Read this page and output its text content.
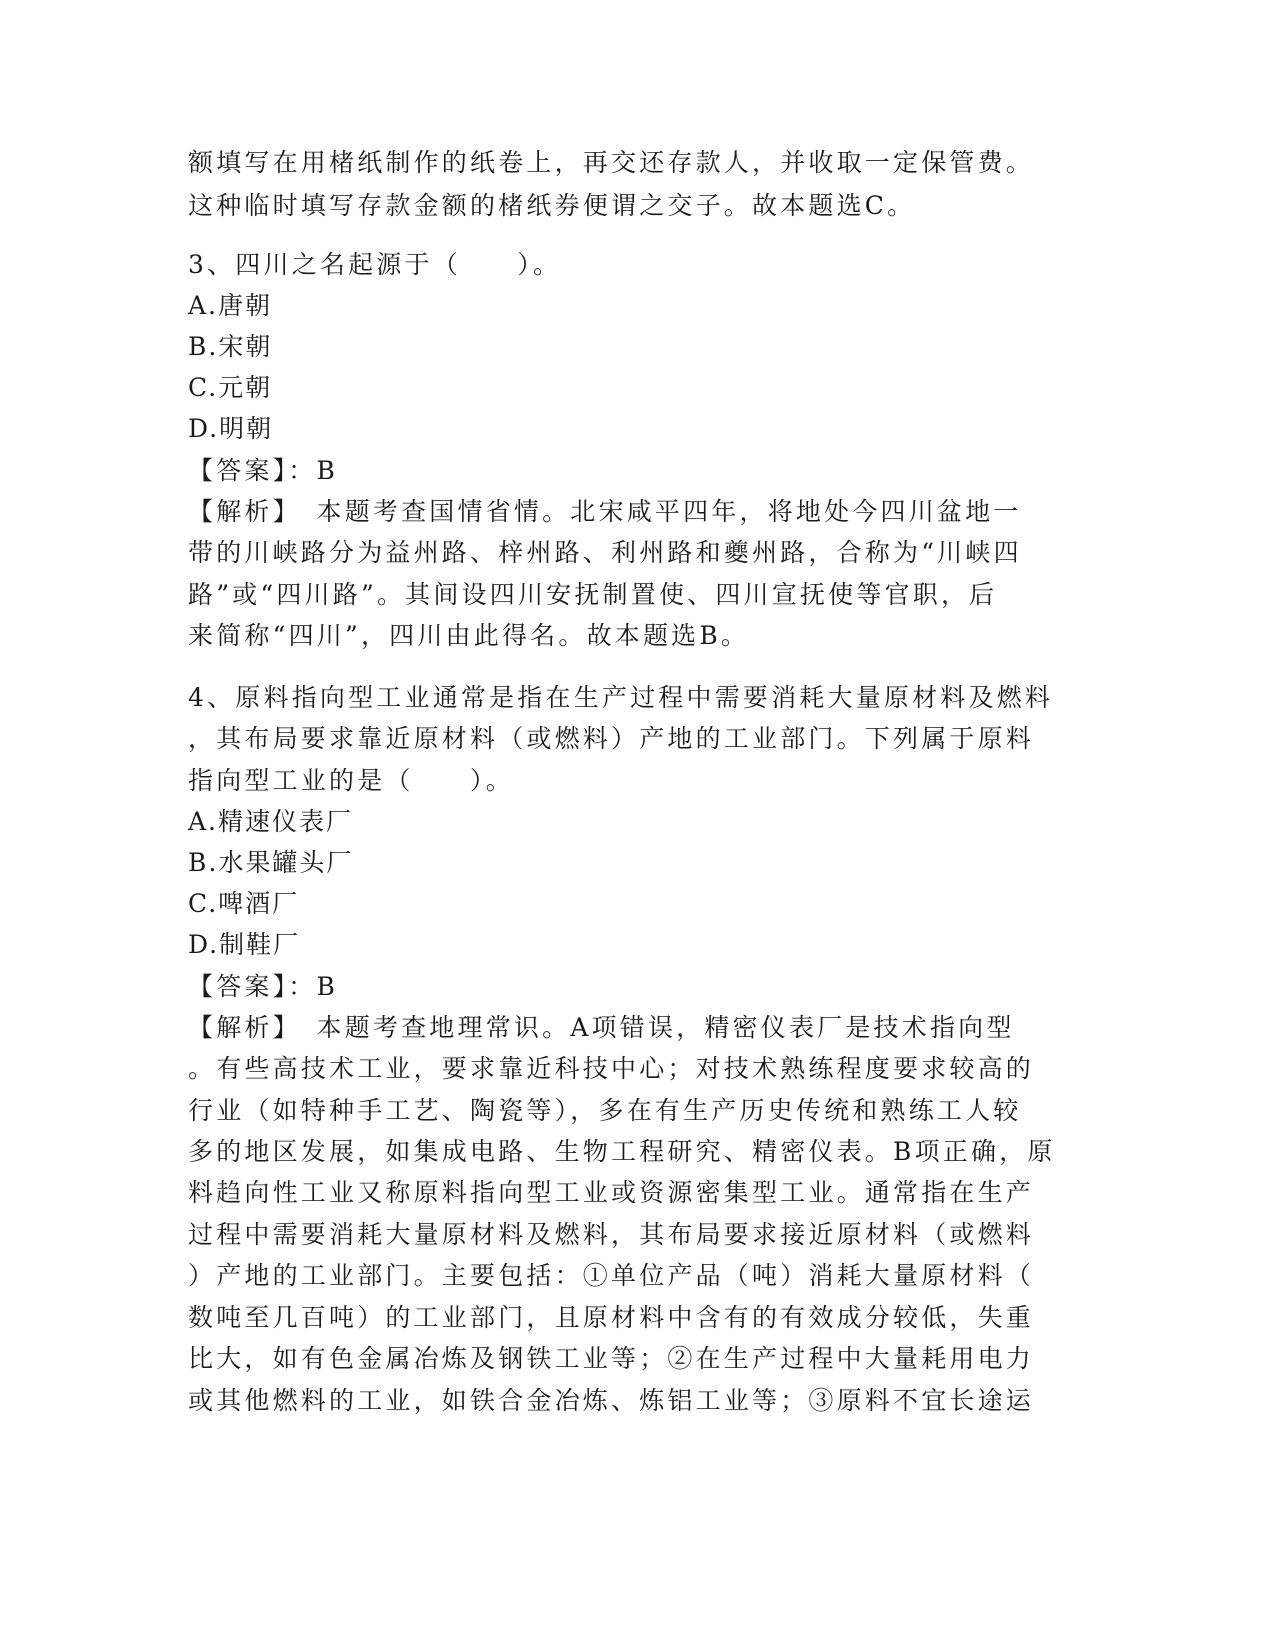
额填写在用楮纸制作的纸卷上，再交还存款人，并收取一定保管费。
这种临时填写存款金额的楮纸券便谓之交子。故本题选C。
3、四川之名起源于（　　）。
A.唐朝
B.宋朝
C.元朝
D.明朝
【答案】：B
【解析】　本题考查国情省情。北宋咸平四年，将地处今四川盆地一
带的川峡路分为益州路、梓州路、利州路和夔州路，合称为“川峡四
路”或“四川路”。其间设四川安抚制置使、四川宣抚使等官职，后
来简称“四川”，四川由此得名。故本题选B。
4、原料指向型工业通常是指在生产过程中需要消耗大量原材料及燃料
，其布局要求靠近原材料（或燃料）产地的工业部门。下列属于原料
指向型工业的是（　　）。
A.精速仪表厂
B.水果罐头厂
C.啤酒厂
D.制鞋厂
【答案】：B
【解析】　本题考查地理常识。A项错误，精密仪表厂是技术指向型
。有些高技术工业，要求靠近科技中心；对技术熟练程度要求较高的
行业（如特种手工艺、陶瓷等），多在有生产历史传统和熟练工人较
多的地区发展，如集成电路、生物工程研究、精密仪表。B项正确，原
料趋向性工业又称原料指向型工业或资源密集型工业。通常指在生产
过程中需要消耗大量原材料及燃料，其布局要求接近原材料（或燃料
）产地的工业部门。主要包括：①单位产品（吨）消耗大量原材料（
数吨至几百吨）的工业部门，且原材料中含有的有效成分较低，失重
比大，如有色金属冶炼及钢铁工业等；②在生产过程中大量耗用电力
或其他燃料的工业，如铁合金冶炼、炼铝工业等；③原料不宜长途运
